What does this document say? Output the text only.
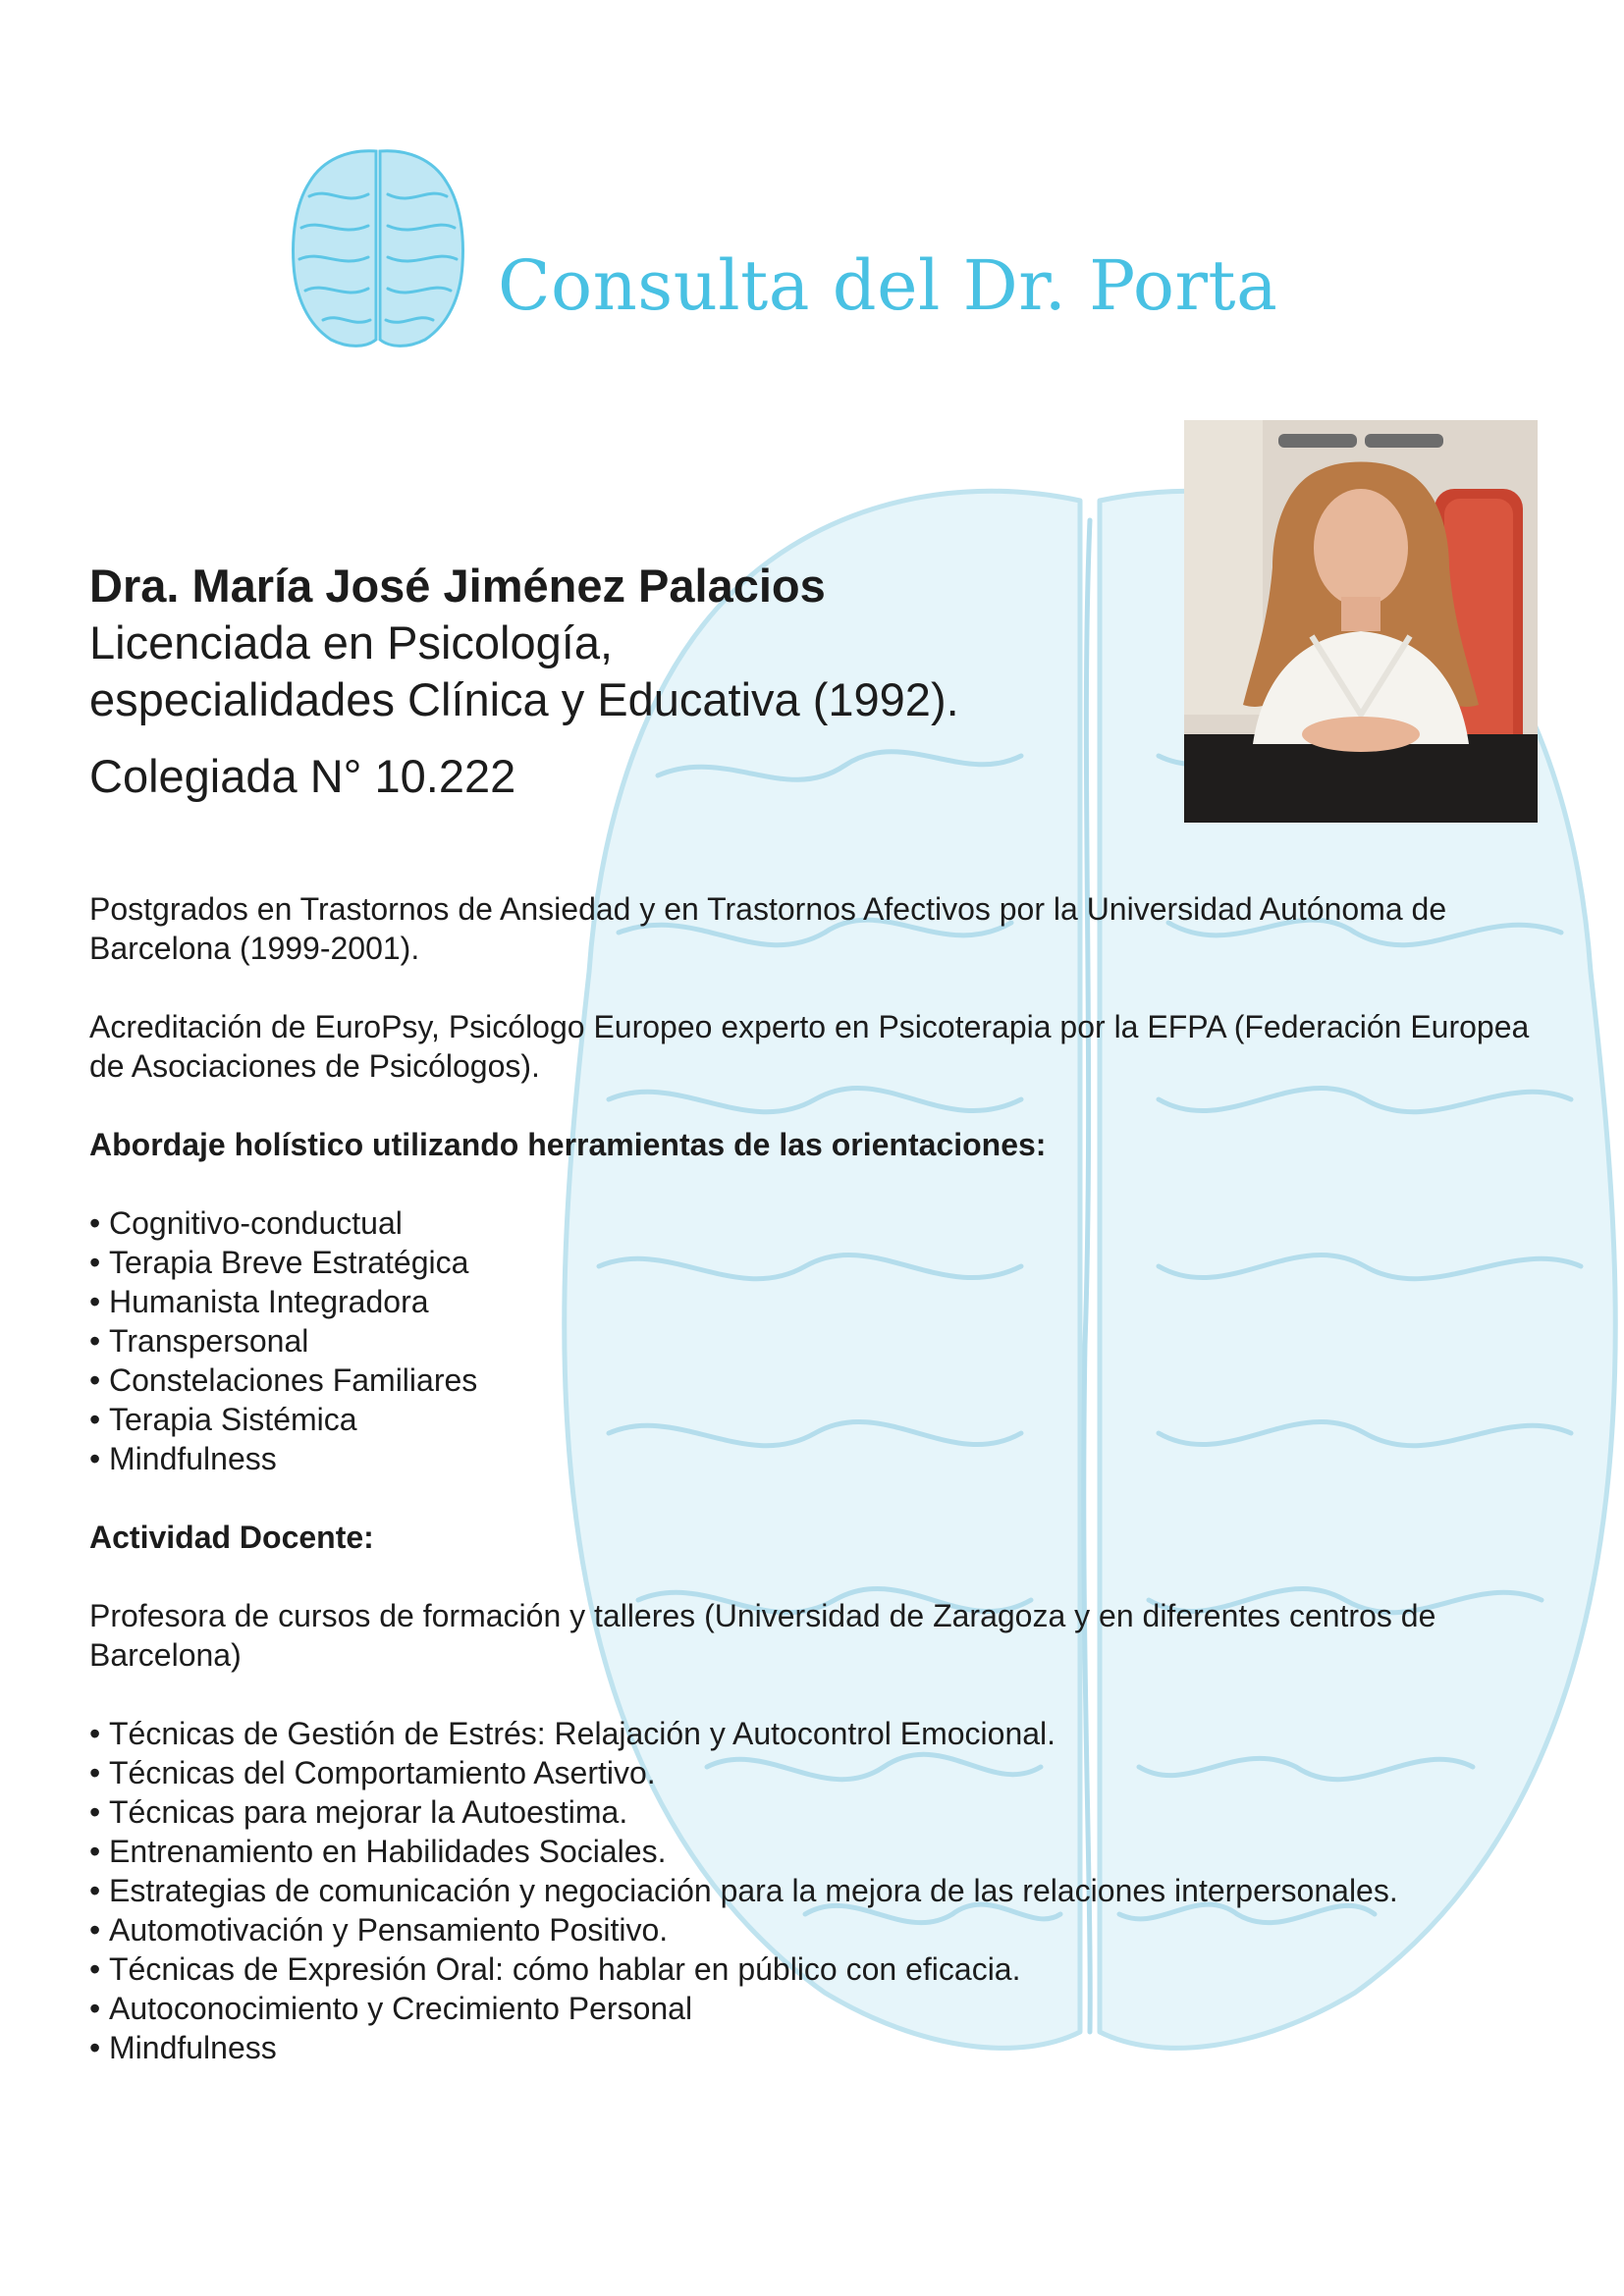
Consulta del Dr. Porta

Dra. María José Jiménez Palacios

Licenciada en Psicología,

especialidades Clínica y Educativa (1992).

Colegiada N° 10.222

Postgrados en Trastornos de Ansiedad y en Trastornos Afectivos por la Universidad Autónoma de Barcelona (1999-2001).

Acreditación de EuroPsy, Psicólogo Europeo experto en Psicoterapia por la EFPA (Federación Europea de Asociaciones de Psicólogos).

Abordaje holístico utilizando herramientas de las orientaciones:

• Cognitivo-conductual
• Terapia Breve Estratégica
• Humanista Integradora
• Transpersonal
• Constelaciones Familiares
• Terapia Sistémica
• Mindfulness

Actividad Docente:

Profesora de cursos de formación y talleres (Universidad de Zaragoza y en diferentes centros de Barcelona)

• Técnicas de Gestión de Estrés: Relajación y Autocontrol Emocional.
• Técnicas del Comportamiento Asertivo.
• Técnicas para mejorar la Autoestima.
• Entrenamiento en Habilidades Sociales.
• Estrategias de comunicación y negociación para la mejora de las relaciones interpersonales.
• Automotivación y Pensamiento Positivo.
• Técnicas de Expresión Oral: cómo hablar en público con eficacia.
• Autoconocimiento y Crecimiento Personal
• Mindfulness
